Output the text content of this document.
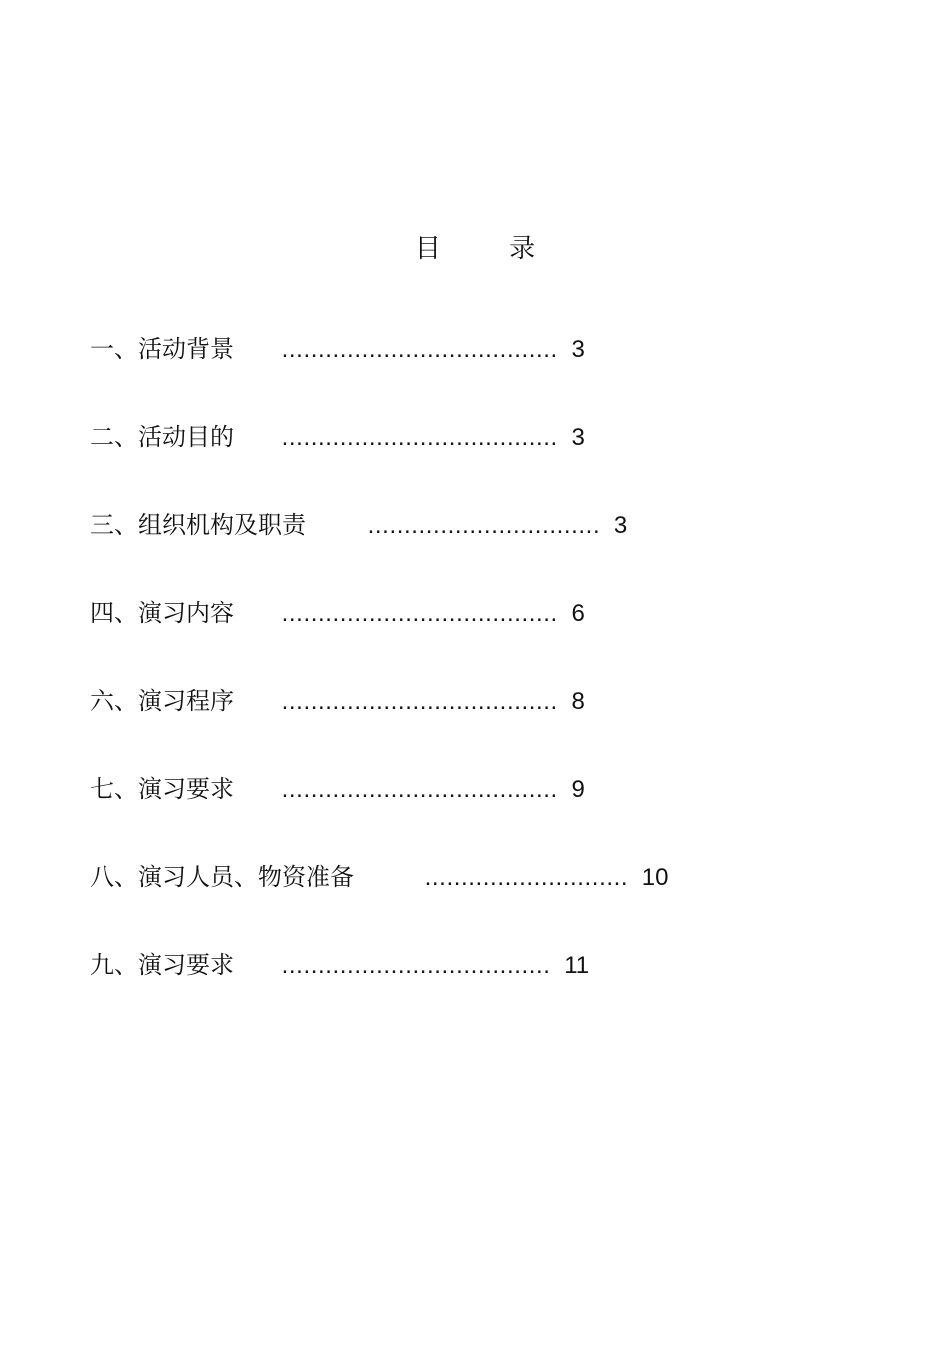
目 录
一、活动背景 ...................................... 3
二、活动目的 ...................................... 3
三、组织机构及职责	................................ 3
四、演习内容 ...................................... 6
六、演习程序 ...................................... 8
七、演习要求 ...................................... 9
八、演习人员、物资准备	............................ 10
九、演习要求 ..................................... 11
